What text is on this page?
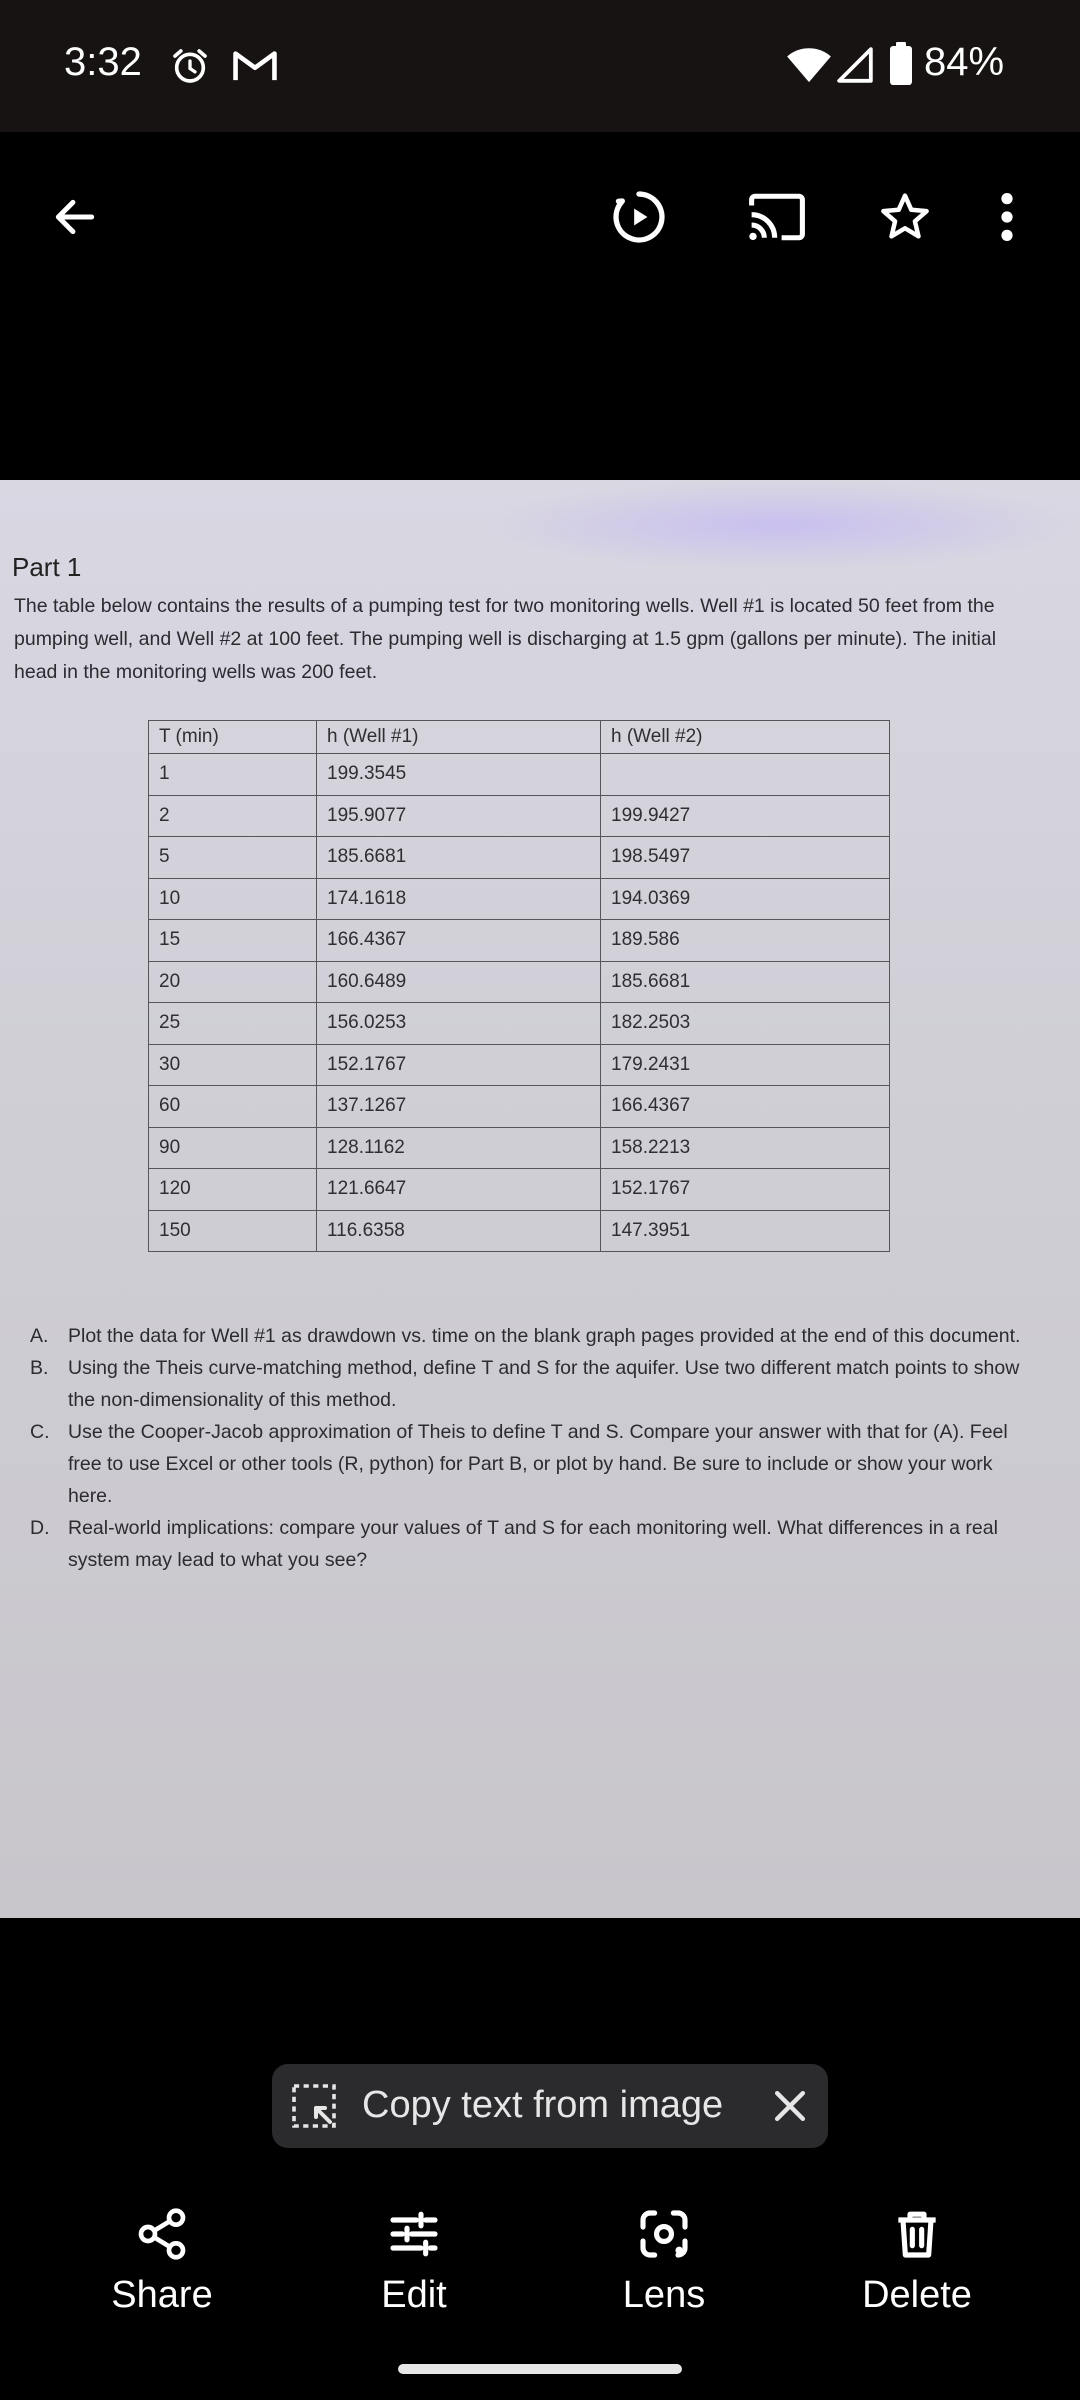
3:32	84%
Part 1
The table below contains the results of a pumping test for two monitoring wells. Well #1 is located 50 feet from the pumping well, and Well #2 at 100 feet. The pumping well is discharging at 1.5 gpm (gallons per minute). The initial head in the monitoring wells was 200 feet.
T (min)	h (Well #1)	h (Well #2)
1	199.3545	
2	195.9077	199.9427
5	185.6681	198.5497
10	174.1618	194.0369
15	166.4367	189.586
20	160.6489	185.6681
25	156.0253	182.2503
30	152.1767	179.2431
60	137.1267	166.4367
90	128.1162	158.2213
120	121.6647	152.1767
150	116.6358	147.3951
A.	Plot the data for Well #1 as drawdown vs. time on the blank graph pages provided at the end of this document.
B.	Using the Theis curve-matching method, define T and S for the aquifer. Use two different match points to show the non-dimensionality of this method.
C. Use the Cooper-Jacob approximation of Theis to define T and S. Compare your answer with that for (A). Feel free to use Excel or other tools (R, python) for Part B, or plot by hand. Be sure to include or show your work here.
D. Real-world implications: compare your values of T and S for each monitoring well. What differences in a real system may lead to what you see?
Copy text from image
Share	Edit	Lens	Delete
